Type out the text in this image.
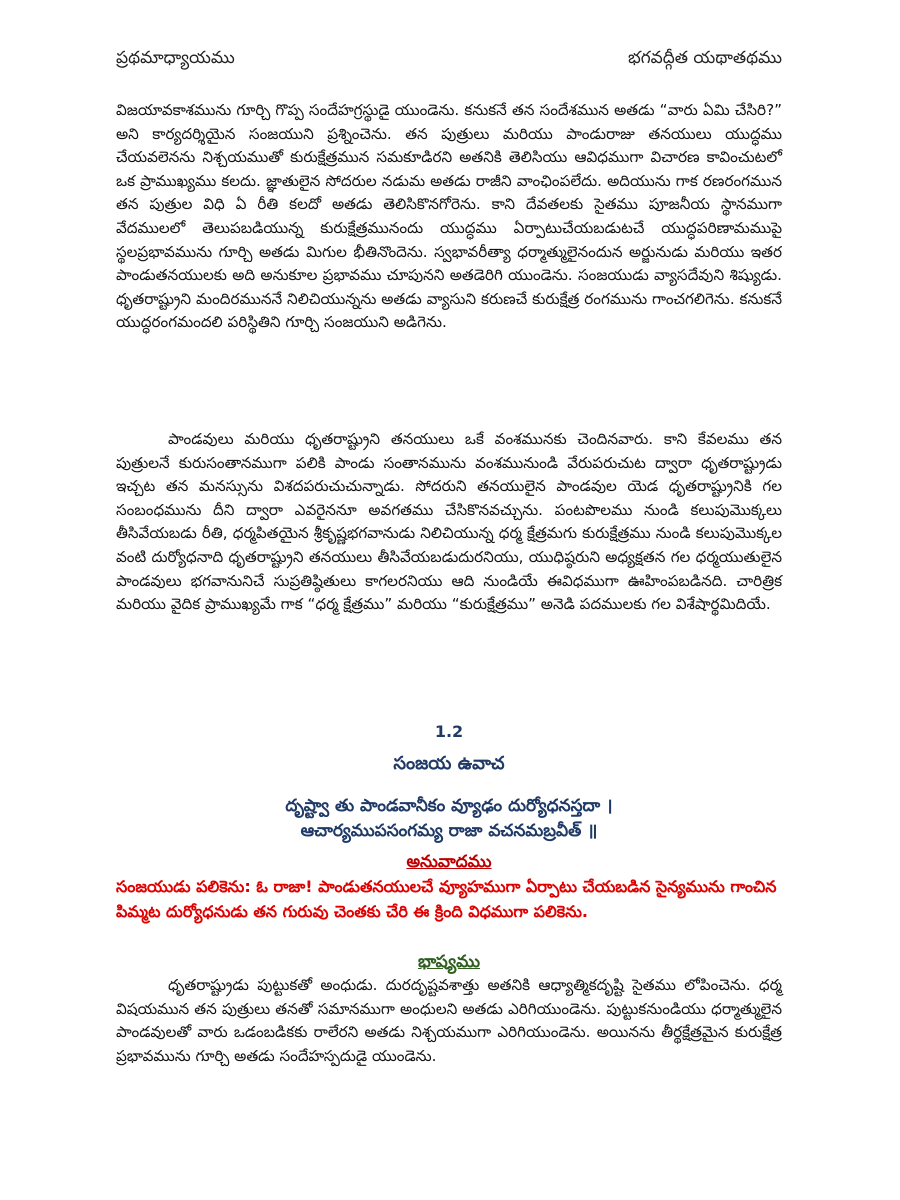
ప్రథమాధ్యాయము	భగవద్గీత యథాతథము

విజయావకాశమును గూర్చి గొప్ప సందేహగ్రస్థుడై యుండెను. కనుకనే తన సందేశమున అతడు “వారు ఏమి చేసిరి?” అని కార్యదర్శియైన సంజయుని ప్రశ్నించెను. తన పుత్రులు మరియు పాండురాజు తనయులు యుద్ధము చేయవలెనను నిశ్చయముతో కురుక్షేత్రమున సమకూడిరని అతనికి తెలిసియు ఆవిధముగా విచారణ కావించుటలో ఒక ప్రాముఖ్యము కలదు. జ్ఞాతులైన సోదరుల నడుమ అతడు రాజీని వాంఛింపలేదు. అదియును గాక రణరంగమున తన పుత్రుల విధి ఏ రీతి కలదో అతడు తెలిసికొనగోరెను. కాని దేవతలకు సైతము పూజనీయ స్థానముగా వేదములలో తెలుపబడియున్న కురుక్షేత్రమునందు యుద్ధము ఏర్పాటుచేయబడుటచే యుద్ధపరిణామముపై స్థలప్రభావమును గూర్చి అతడు మిగుల భీతినొందెను. స్వభావరీత్యా ధర్మాత్ములైనందున అర్జునుడు మరియు ఇతర పాండుతనయులకు అది అనుకూల ప్రభావము చూపునని అతడెరిగి యుండెను. సంజయుడు వ్యాసదేవుని శిష్యుడు. ధృతరాష్ట్రుని మందిరముననే నిలిచియున్నను అతడు వ్యాసుని కరుణచే కురుక్షేత్ర రంగమును గాంచగలిగెను. కనుకనే యుద్ధరంగమందలి పరిస్థితిని గూర్చి సంజయుని అడిగెను.

పాండవులు మరియు ధృతరాష్ట్రుని తనయులు ఒకే వంశమునకు చెందినవారు. కాని కేవలము తన పుత్రులనే కురుసంతానముగా పలికి పాండు సంతానమును వంశమునుండి వేరుపరుచుట ద్వారా ధృతరాష్ట్రుడు ఇచ్చట తన మనస్సును విశదపరుచుచున్నాడు. సోదరుని తనయులైన పాండవుల యెడ ధృతరాష్ట్రునికి గల సంబంధమును దీని ద్వారా ఎవరైననూ అవగతము చేసికొనవచ్చును. పంటపొలము నుండి కలుపుమొక్కలు తీసివేయబడు రీతి, ధర్మపితయైన శ్రీకృష్ణభగవానుడు నిలిచియున్న ధర్మ క్షేత్రమగు కురుక్షేత్రము నుండి కలుపుమొక్కల వంటి దుర్యోధనాది ధృతరాష్ట్రుని తనయులు తీసివేయబడుదురనియు, యుధిష్ఠరుని అధ్యక్షతన గల ధర్మయుతులైన పాండవులు భగవానునిచే సుప్రతిష్ఠితులు కాగలరనియు ఆది నుండియే ఈవిధముగా ఊహింపబడినది. చారిత్రిక మరియు వైదిక ప్రాముఖ్యమే గాక “ధర్మ క్షేత్రము” మరియు “కురుక్షేత్రము” అనెడి పదములకు గల విశేషార్థమిదియే.

1.2

సంజయ ఉవాచ

దృష్ట్వా తు పాండవానీకం వ్యూఢం దుర్యోధనస్తదా ।

ఆచార్యముపసంగమ్య రాజా వచనమబ్రవీత్ ॥

అనువాదము

సంజయుడు పలికెను: ఓ రాజా! పాండుతనయులచే వ్యూహముగా ఏర్పాటు చేయబడిన సైన్యమును గాంచిన పిమ్మట దుర్యోధనుడు తన గురువు చెంతకు చేరి ఈ క్రింది విధముగా పలికెను.

భాష్యము

ధృతరాష్ట్రుడు పుట్టుకతో అంధుడు. దురదృష్టవశాత్తు అతనికి ఆధ్యాత్మికదృష్టి సైతము లోపించెను. ధర్మ విషయమున తన పుత్రులు తనతో సమానముగా అంధులని అతడు ఎరిగియుండెను. పుట్టుకనుండియు ధర్మాత్ములైన పాండవులతో వారు ఒడంబడికకు రాలేరని అతడు నిశ్చయముగా ఎరిగియుండెను. అయినను తీర్థక్షేత్రమైన కురుక్షేత్ర ప్రభావమును గూర్చి అతడు సందేహస్పదుడై యుండెను.
